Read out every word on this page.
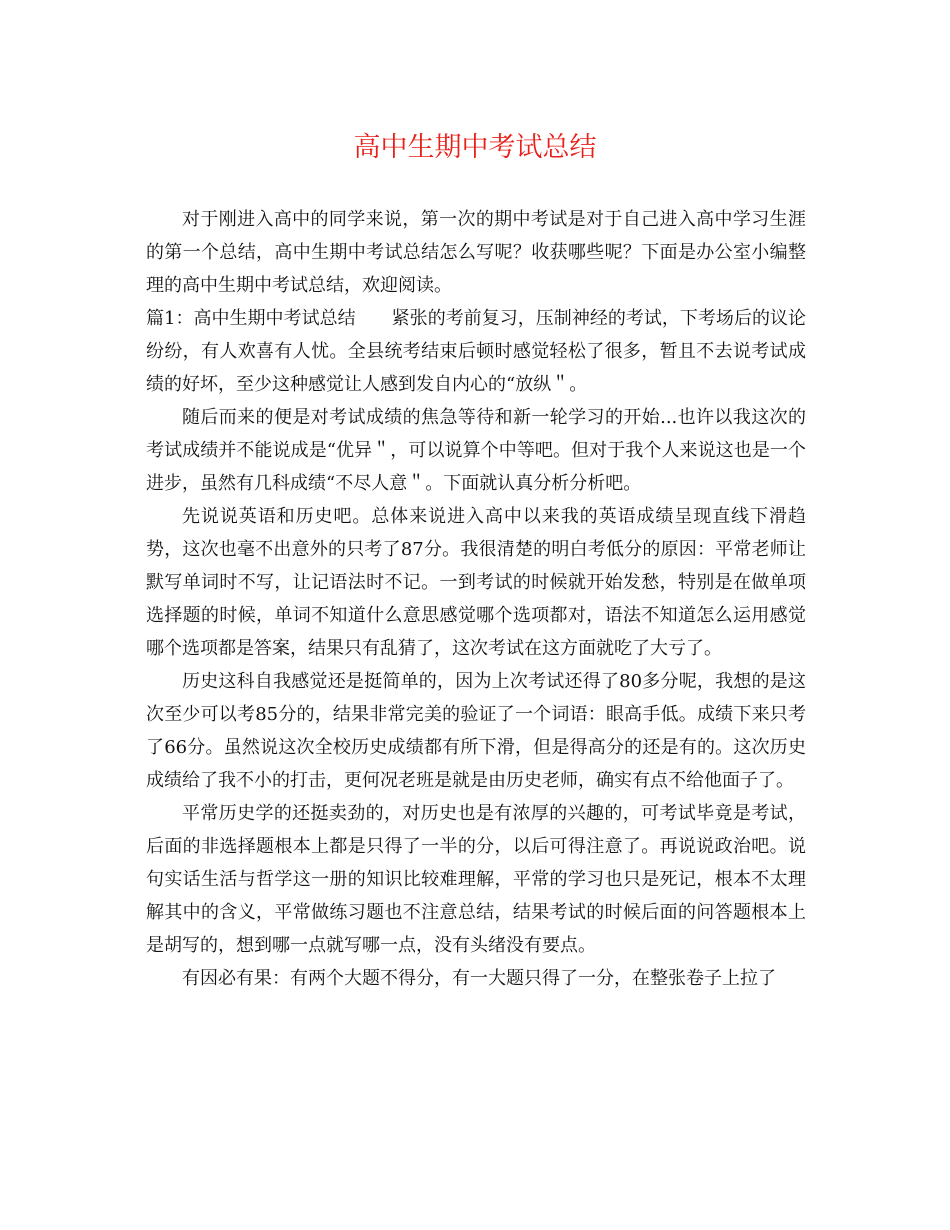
高中生期中考试总结

对于刚进入高中的同学来说，第一次的期中考试是对于自己进入高中学习生涯的第一个总结，高中生期中考试总结怎么写呢？收获哪些呢？下面是办公室小编整理的高中生期中考试总结，欢迎阅读。

篇1：高中生期中考试总结　　紧张的考前复习，压制神经的考试，下考场后的议论纷纷，有人欢喜有人忧。全县统考结束后顿时感觉轻松了很多，暂且不去说考试成绩的好坏，至少这种感觉让人感到发自内心的“放纵＂。

随后而来的便是对考试成绩的焦急等待和新一轮学习的开始...也许以我这次的考试成绩并不能说成是“优异＂，可以说算个中等吧。但对于我个人来说这也是一个进步，虽然有几科成绩“不尽人意＂。下面就认真分析分析吧。

先说说英语和历史吧。总体来说进入高中以来我的英语成绩呈现直线下滑趋势，这次也毫不出意外的只考了87分。我很清楚的明白考低分的原因：平常老师让默写单词时不写，让记语法时不记。一到考试的时候就开始发愁，特别是在做单项选择题的时候，单词不知道什么意思感觉哪个选项都对，语法不知道怎么运用感觉哪个选项都是答案，结果只有乱猜了，这次考试在这方面就吃了大亏了。

历史这科自我感觉还是挺简单的，因为上次考试还得了80多分呢，我想的是这次至少可以考85分的，结果非常完美的验证了一个词语：眼高手低。成绩下来只考了66分。虽然说这次全校历史成绩都有所下滑，但是得高分的还是有的。这次历史成绩给了我不小的打击，更何况老班是就是由历史老师，确实有点不给他面子了。

平常历史学的还挺卖劲的，对历史也是有浓厚的兴趣的，可考试毕竟是考试，后面的非选择题根本上都是只得了一半的分，以后可得注意了。再说说政治吧。说句实话生活与哲学这一册的知识比较难理解，平常的学习也只是死记，根本不太理解其中的含义，平常做练习题也不注意总结，结果考试的时候后面的问答题根本上是胡写的，想到哪一点就写哪一点，没有头绪没有要点。

有因必有果：有两个大题不得分，有一大题只得了一分，在整张卷子上拉了
